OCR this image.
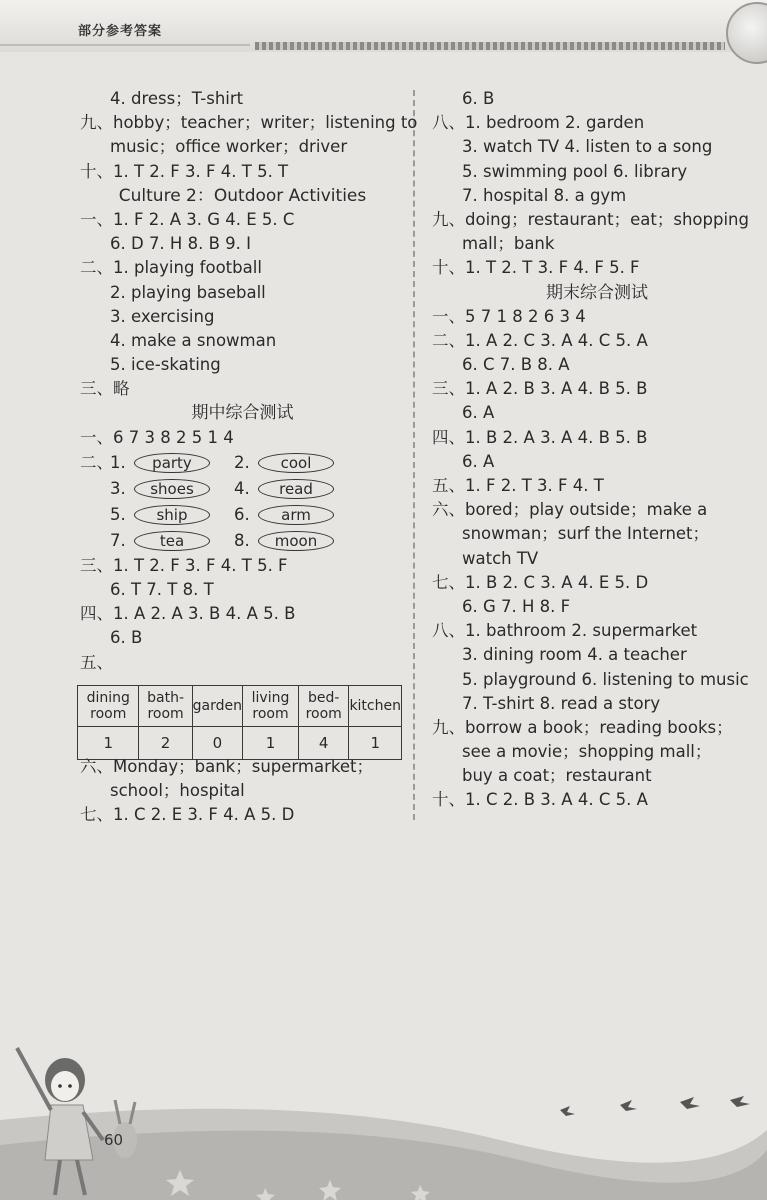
部分参考答案
4. dress；T-shirt
九、hobby；teacher；writer；listening to
music；office worker；driver
十、1. T 2. F 3. F 4. T 5. T
Culture 2：Outdoor Activities
一、1. F 2. A 3. G 4. E 5. C
6. D 7. H 8. B 9. I
二、1. playing football
2. playing baseball
3. exercising
4. make a snowman
5. ice-skating
三、略
期中综合测试
一、6 7 3 8 2 5 1 4
二、
1.	party	2.	cool
3.	shoes	4.	read
5.	ship	6.	arm
7.	tea	8.	moon
三、1. T 2. F 3. F 4. T 5. F
6. T 7. T 8. T
四、1. A 2. A 3. B 4. A 5. B
6. B
五、
dining room	bath-room	garden	living room	bed-room	kitchen
1	2	0	1	4	1
六、Monday；bank；supermarket；
school；hospital
七、1. C 2. E 3. F 4. A 5. D
6. B
八、1. bedroom 2. garden
3. watch TV 4. listen to a song
5. swimming pool 6. library
7. hospital 8. a gym
九、doing；restaurant；eat；shopping
mall；bank
十、1. T 2. T 3. F 4. F 5. F
期末综合测试
一、5 7 1 8 2 6 3 4
二、1. A 2. C 3. A 4. C 5. A
6. C 7. B 8. A
三、1. A 2. B 3. A 4. B 5. B
6. A
四、1. B 2. A 3. A 4. B 5. B
6. A
五、1. F 2. T 3. F 4. T
六、bored；play outside；make a
snowman；surf the Internet；
watch TV
七、1. B 2. C 3. A 4. E 5. D
6. G 7. H 8. F
八、1. bathroom 2. supermarket
3. dining room 4. a teacher
5. playground 6. listening to music
7. T-shirt 8. read a story
九、borrow a book；reading books；
see a movie；shopping mall；
buy a coat；restaurant
十、1. C 2. B 3. A 4. C 5. A
60
